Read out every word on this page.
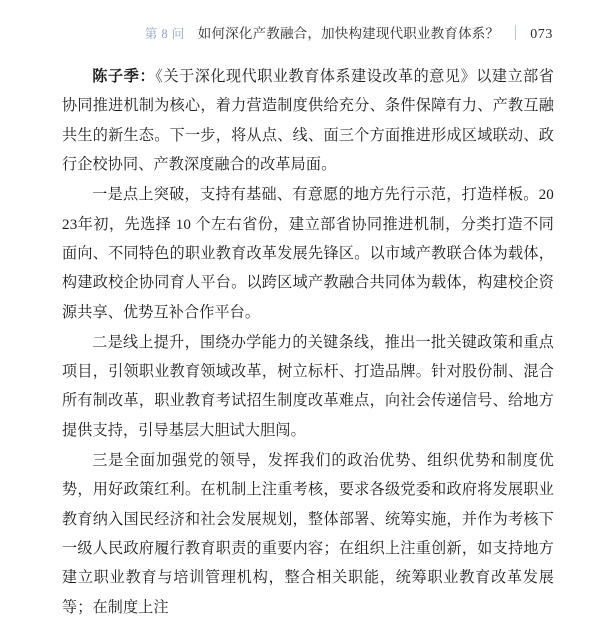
第 8 问 如何深化产教融合，加快构建现代职业教育体系？ 073

陈子季：《关于深化现代职业教育体系建设改革的意见》以建立部省协同推进机制为核心，着力营造制度供给充分、条件保障有力、产教互融共生的新生态。下一步，将从点、线、面三个方面推进形成区域联动、政行企校协同、产教深度融合的改革局面。

一是点上突破，支持有基础、有意愿的地方先行示范，打造样板。2023年初，先选择 10 个左右省份，建立部省协同推进机制，分类打造不同面向、不同特色的职业教育改革发展先锋区。以市域产教联合体为载体，构建政校企协同育人平台。以跨区域产教融合共同体为载体，构建校企资源共享、优势互补合作平台。

二是线上提升，围绕办学能力的关键条线，推出一批关键政策和重点项目，引领职业教育领域改革，树立标杆、打造品牌。针对股份制、混合所有制改革，职业教育考试招生制度改革难点，向社会传递信号、给地方提供支持，引导基层大胆试大胆闯。

三是全面加强党的领导，发挥我们的政治优势、组织优势和制度优势，用好政策红利。在机制上注重考核，要求各级党委和政府将发展职业教育纳入国民经济和社会发展规划，整体部署、统筹实施，并作为考核下一级人民政府履行教育职责的重要内容；在组织上注重创新，如支持地方建立职业教育与培训管理机构，整合相关职能，统筹职业教育改革发展等；在制度上注
